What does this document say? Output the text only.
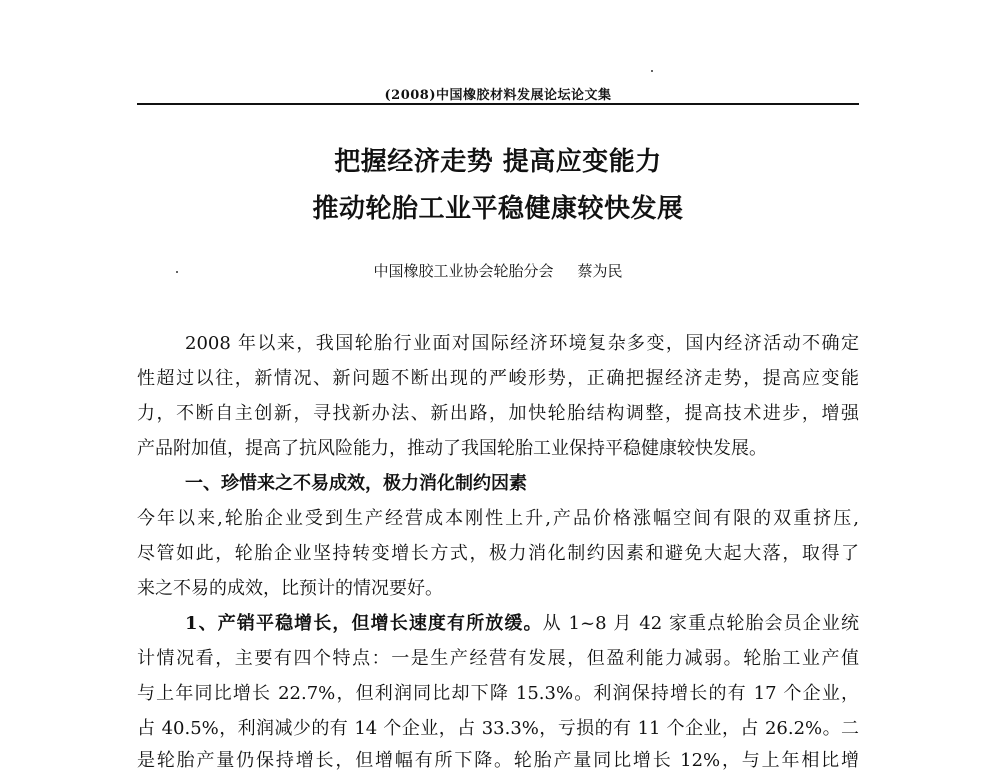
(2008)中国橡胶材料发展论坛论文集
把握经济走势 提高应变能力
推动轮胎工业平稳健康较快发展
中国橡胶工业协会轮胎分会 蔡为民
2008 年以来，我国轮胎行业面对国际经济环境复杂多变，国内经济活动不确定
性超过以往，新情况、新问题不断出现的严峻形势，正确把握经济走势，提高应变能
力，不断自主创新，寻找新办法、新出路，加快轮胎结构调整，提高技术进步，增强
产品附加值，提高了抗风险能力，推动了我国轮胎工业保持平稳健康较快发展。
一、珍惜来之不易成效，极力消化制约因素
今年以来,轮胎企业受到生产经营成本刚性上升,产品价格涨幅空间有限的双重挤压,
尽管如此，轮胎企业坚持转变增长方式，极力消化制约因素和避免大起大落，取得了
来之不易的成效，比预计的情况要好。
1、产销平稳增长，但增长速度有所放缓。从 1~8 月 42 家重点轮胎会员企业统
计情况看，主要有四个特点：一是生产经营有发展，但盈利能力减弱。轮胎工业产值
与上年同比增长 22.7%，但利润同比却下降 15.3%。利润保持增长的有 17 个企业，
占 40.5%，利润减少的有 14 个企业，占 33.3%，亏损的有 11 个企业，占 26.2%。二
是轮胎产量仍保持增长，但增幅有所下降。轮胎产量同比增长 12%，与上年相比增
